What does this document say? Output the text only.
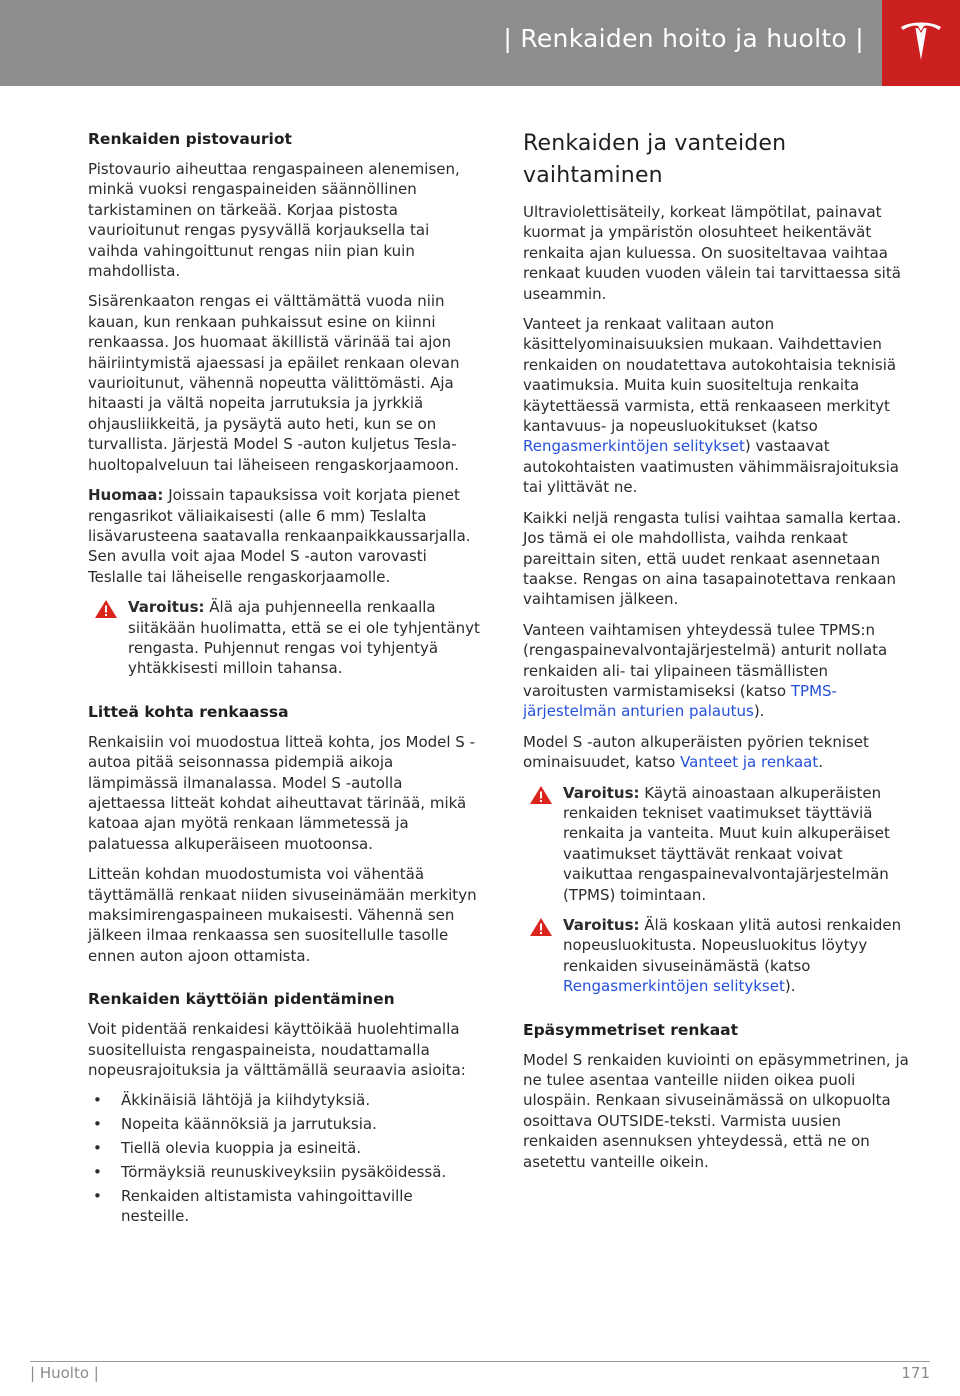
| Renkaiden hoito ja huolto |
Renkaiden pistovauriot

Pistovaurio aiheuttaa rengaspaineen alenemisen, minkä vuoksi rengaspaineiden säännöllinen tarkistaminen on tärkeää. Korjaa pistosta vaurioitunut rengas pysyvällä korjauksella tai vaihda vahingoittunut rengas niin pian kuin mahdollista.

Sisärenkaaton rengas ei välttämättä vuoda niin kauan, kun renkaan puhkaissut esine on kiinni renkaassa. Jos huomaat äkillistä värinää tai ajon häiriintymistä ajaessasi ja epäilet renkaan olevan vaurioitunut, vähennä nopeutta välittömästi. Aja hitaasti ja vältä nopeita jarrutuksia ja jyrkkiä ohjausliikkeitä, ja pysäytä auto heti, kun se on turvallista. Järjestä Model S -auton kuljetus Tesla-huoltopalveluun tai läheiseen rengaskorjaamoon.

Huomaa: Joissain tapauksissa voit korjata pienet rengasrikot väliaikaisesti (alle 6 mm) Teslalta lisävarusteena saatavalla renkaanpaikkaussarjalla. Sen avulla voit ajaa Model S -auton varovasti Teslalle tai läheiselle rengaskorjaamolle.

Varoitus: Älä aja puhjenneella renkaalla siitäkään huolimatta, että se ei ole tyhjentänyt rengasta. Puhjennut rengas voi tyhjentyä yhtäkkisesti milloin tahansa.

Litteä kohta renkaassa

Renkaisiin voi muodostua litteä kohta, jos Model S -autoa pitää seisonnassa pidempiä aikoja lämpimässä ilmanalassa. Model S -autolla ajettaessa litteät kohdat aiheuttavat tärinää, mikä katoaa ajan myötä renkaan lämmetessä ja palatuessa alkuperäiseen muotoonsa.

Litteän kohdan muodostumista voi vähentää täyttämällä renkaat niiden sivuseinämään merkityn maksimirengaspaineen mukaisesti. Vähennä sen jälkeen ilmaa renkaassa sen suositellulle tasolle ennen auton ajoon ottamista.

Renkaiden käyttöiän pidentäminen

Voit pidentää renkaidesi käyttöikää huolehtimalla suositelluista rengaspaineista, noudattamalla nopeusrajoituksia ja välttämällä seuraavia asioita:

• Äkkinäisiä lähtöjä ja kiihdytyksiä.
• Nopeita käännöksiä ja jarrutuksia.
• Tiellä olevia kuoppia ja esineitä.
• Törmäyksiä reunuskiveyksiin pysäköidessä.
• Renkaiden altistamista vahingoittaville nesteille.
Renkaiden ja vanteiden vaihtaminen

Ultraviolettisäteily, korkeat lämpötilat, painavat kuormat ja ympäristön olosuhteet heikentävät renkaita ajan kuluessa. On suositeltavaa vaihtaa renkaat kuuden vuoden välein tai tarvittaessa sitä useammin.

Vanteet ja renkaat valitaan auton käsittelyominaisuuksien mukaan. Vaihdettavien renkaiden on noudatettava autokohtaisia teknisiä vaatimuksia. Muita kuin suositeltuja renkaita käytettäessä varmista, että renkaaseen merkityt kantavuus- ja nopeusluokitukset (katso Rengasmerkintöjen selitykset) vastaavat autokohtaisten vaatimusten vähimmäisrajoituksia tai ylittävät ne.

Kaikki neljä rengasta tulisi vaihtaa samalla kertaa. Jos tämä ei ole mahdollista, vaihda renkaat pareittain siten, että uudet renkaat asennetaan taakse. Rengas on aina tasapainotettava renkaan vaihtamisen jälkeen.

Vanteen vaihtamisen yhteydessä tulee TPMS:n (rengaspainevalvontajärjestelmä) anturit nollata renkaiden ali- tai ylipaineen täsmällisten varoitusten varmistamiseksi (katso TPMS-järjestelmän anturien palautus).

Model S -auton alkuperäisten pyörien tekniset ominaisuudet, katso Vanteet ja renkaat.

Varoitus: Käytä ainoastaan alkuperäisten renkaiden tekniset vaatimukset täyttäviä renkaita ja vanteita. Muut kuin alkuperäiset vaatimukset täyttävät renkaat voivat vaikuttaa rengaspainevalvontajärjestelmän (TPMS) toimintaan.

Varoitus: Älä koskaan ylitä autosi renkaiden nopeusluokitusta. Nopeusluokitus löytyy renkaiden sivuseinämästä (katso Rengasmerkintöjen selitykset).

Epäsymmetriset renkaat

Model S renkaiden kuviointi on epäsymmetrinen, ja ne tulee asentaa vanteille niiden oikea puoli ulospäin. Renkaan sivuseinämässä on ulkopuolta osoittava OUTSIDE-teksti. Varmista uusien renkaiden asennuksen yhteydessä, että ne on asetettu vanteille oikein.

| Huolto |	171
